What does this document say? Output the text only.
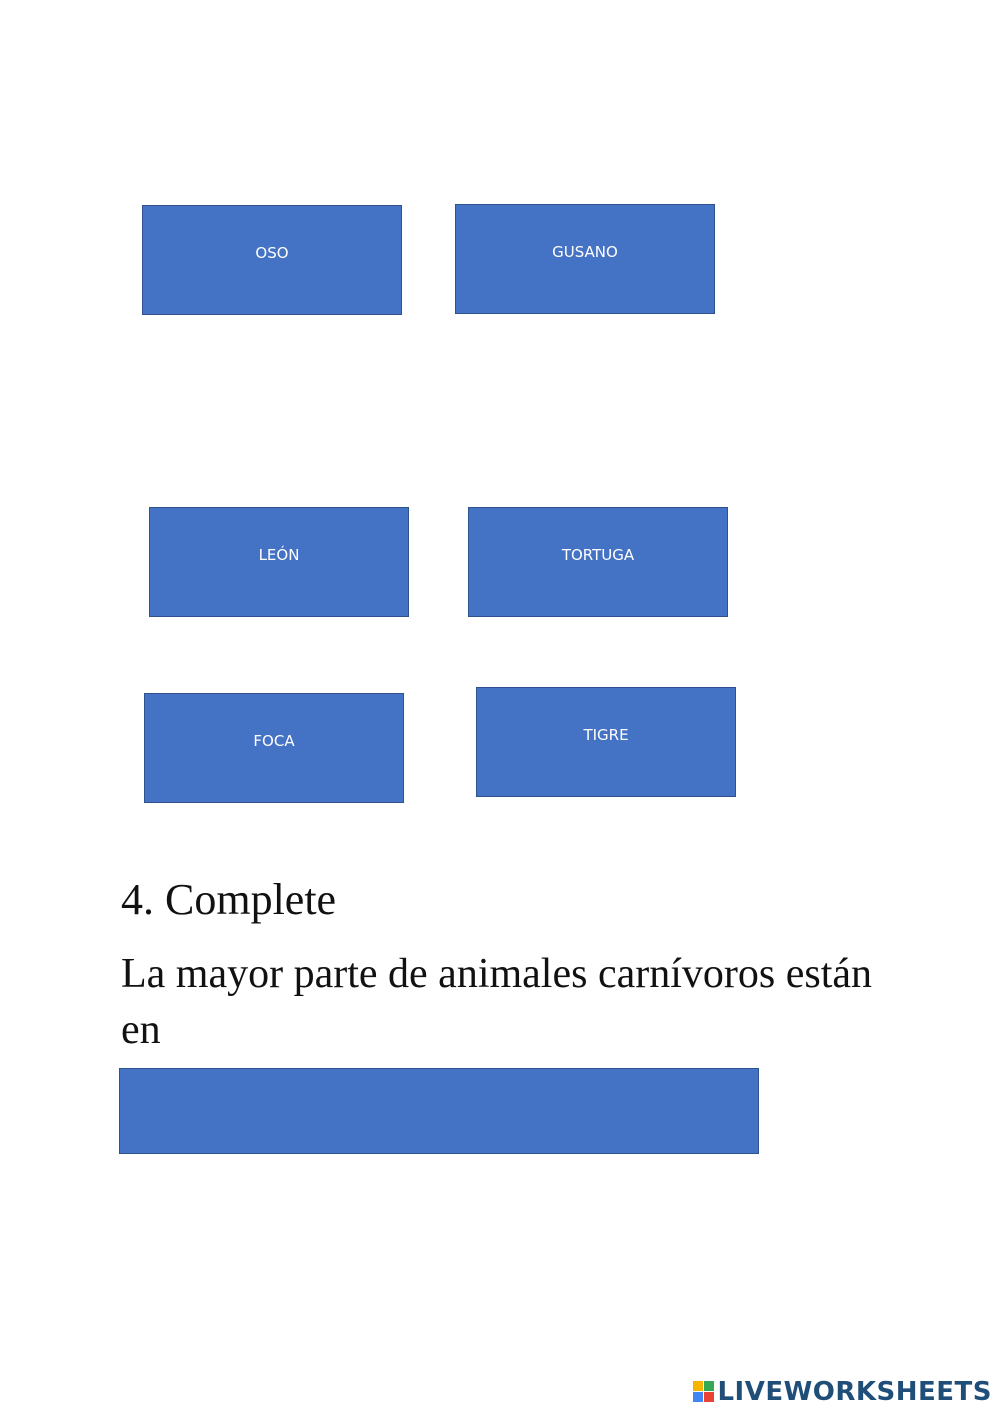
OSO	GUSANO
LEÓN	TORTUGA
FOCA	TIGRE
4. Complete

La mayor parte de animales carnívoros están en

LIVEWORKSHEETS
